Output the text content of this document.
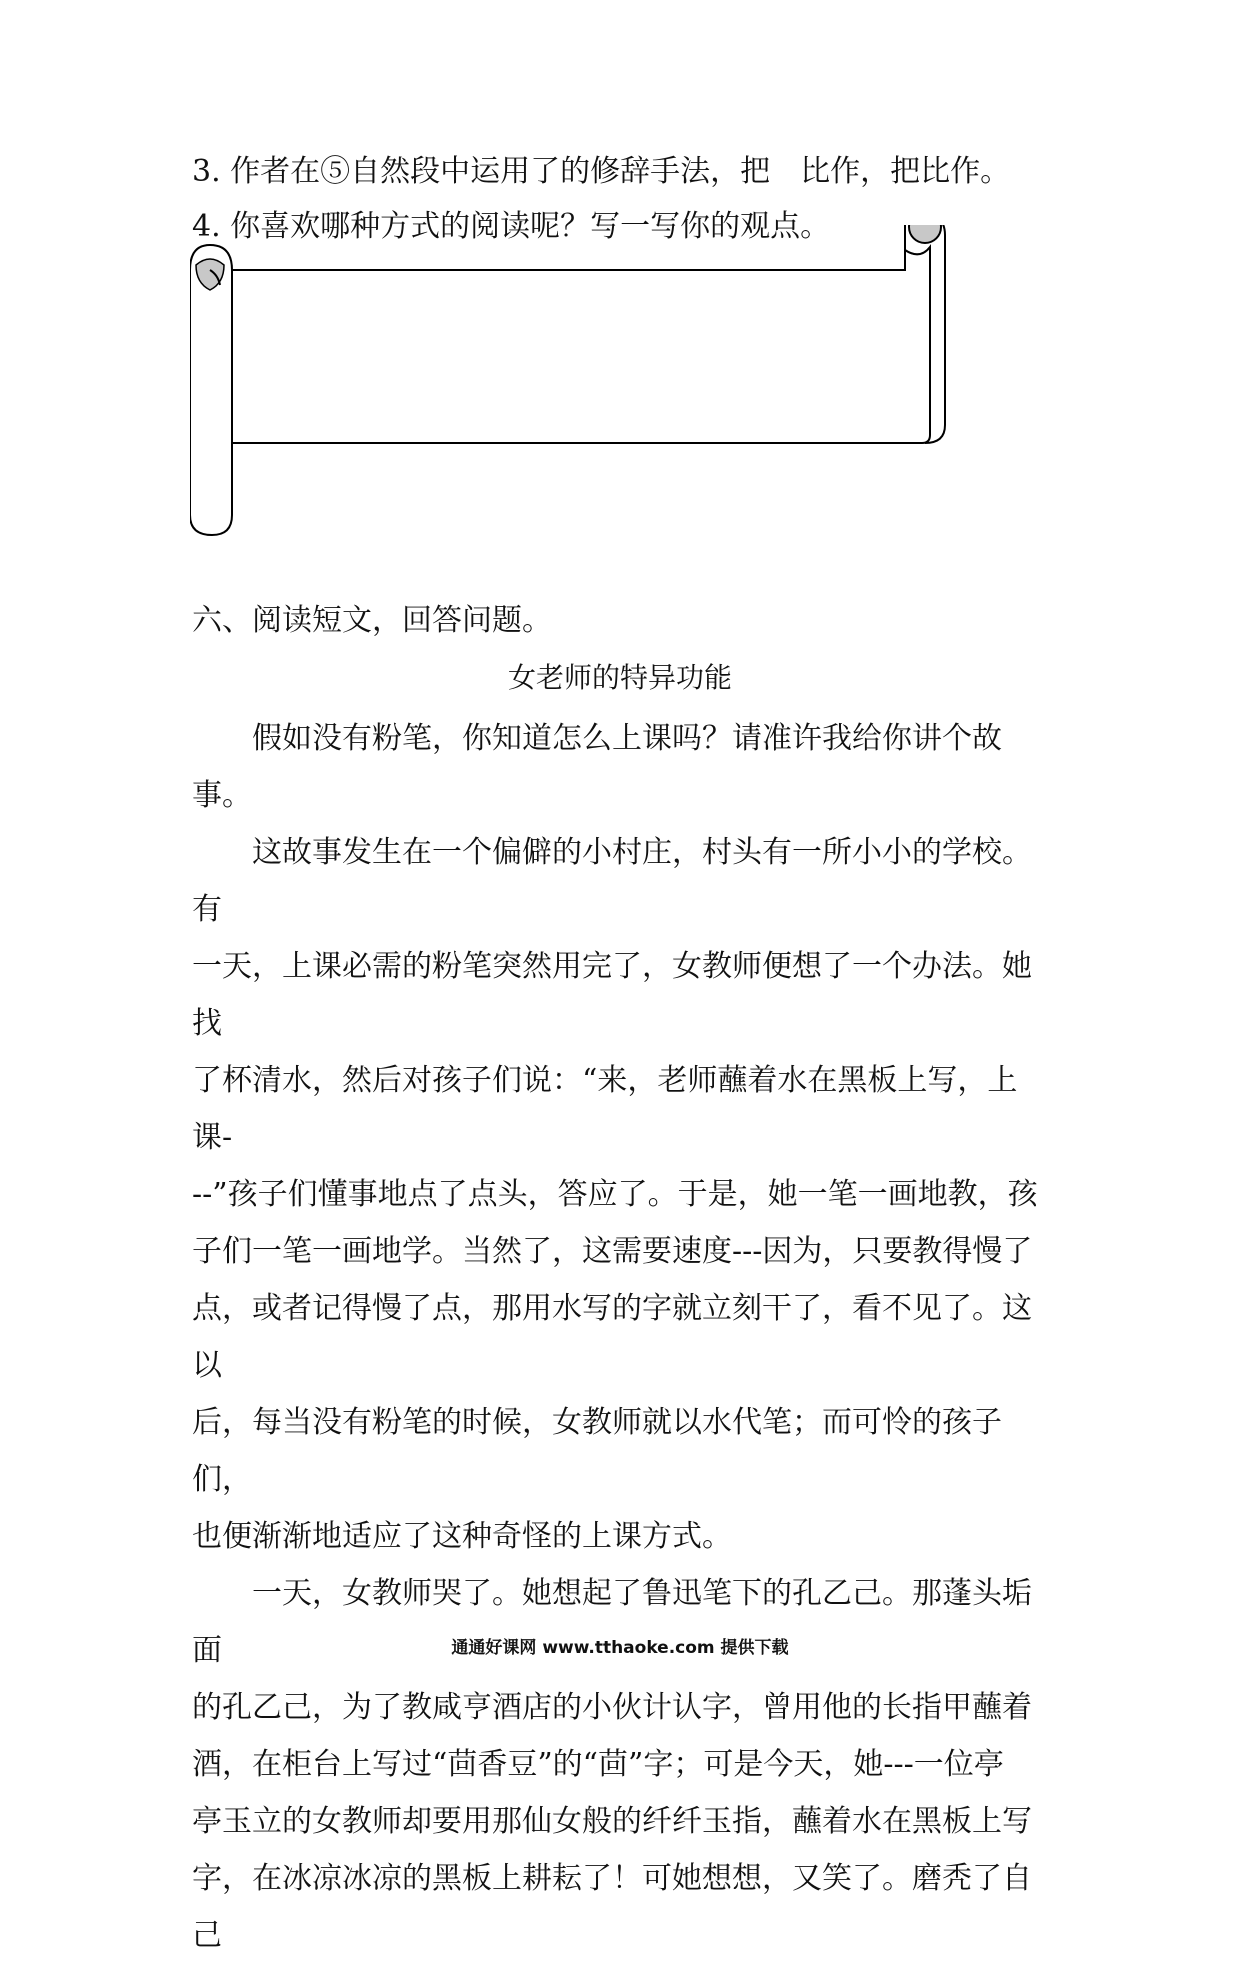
3. 作者在⑤自然段中运用了的修辞手法，把　比作，把比作。
4. 你喜欢哪种方式的阅读呢？写一写你的观点。
六、阅读短文，回答问题。
女老师的特异功能

　　假如没有粉笔，你知道怎么上课吗？请准许我给你讲个故事。

　　这故事发生在一个偏僻的小村庄，村头有一所小小的学校。有

一天，上课必需的粉笔突然用完了，女教师便想了一个办法。她找

了杯清水，然后对孩子们说：“来，老师蘸着水在黑板上写，上课-

--”孩子们懂事地点了点头，答应了。于是，她一笔一画地教，孩

子们一笔一画地学。当然了，这需要速度---因为，只要教得慢了

点，或者记得慢了点，那用水写的字就立刻干了，看不见了。这以

后，每当没有粉笔的时候，女教师就以水代笔；而可怜的孩子们，

也便渐渐地适应了这种奇怪的上课方式。

　　一天，女教师哭了。她想起了鲁迅笔下的孔乙己。那蓬头垢面

的孔乙己，为了教咸亨酒店的小伙计认字，曾用他的长指甲蘸着

酒，在柜台上写过“茴香豆”的“茴”字；可是今天，她---一位亭

亭玉立的女教师却要用那仙女般的纤纤玉指，蘸着水在黑板上写

字，在冰凉冰凉的黑板上耕耘了！可她想想，又笑了。磨秃了自己

通通好课网 www.tthaoke.com 提供下载
